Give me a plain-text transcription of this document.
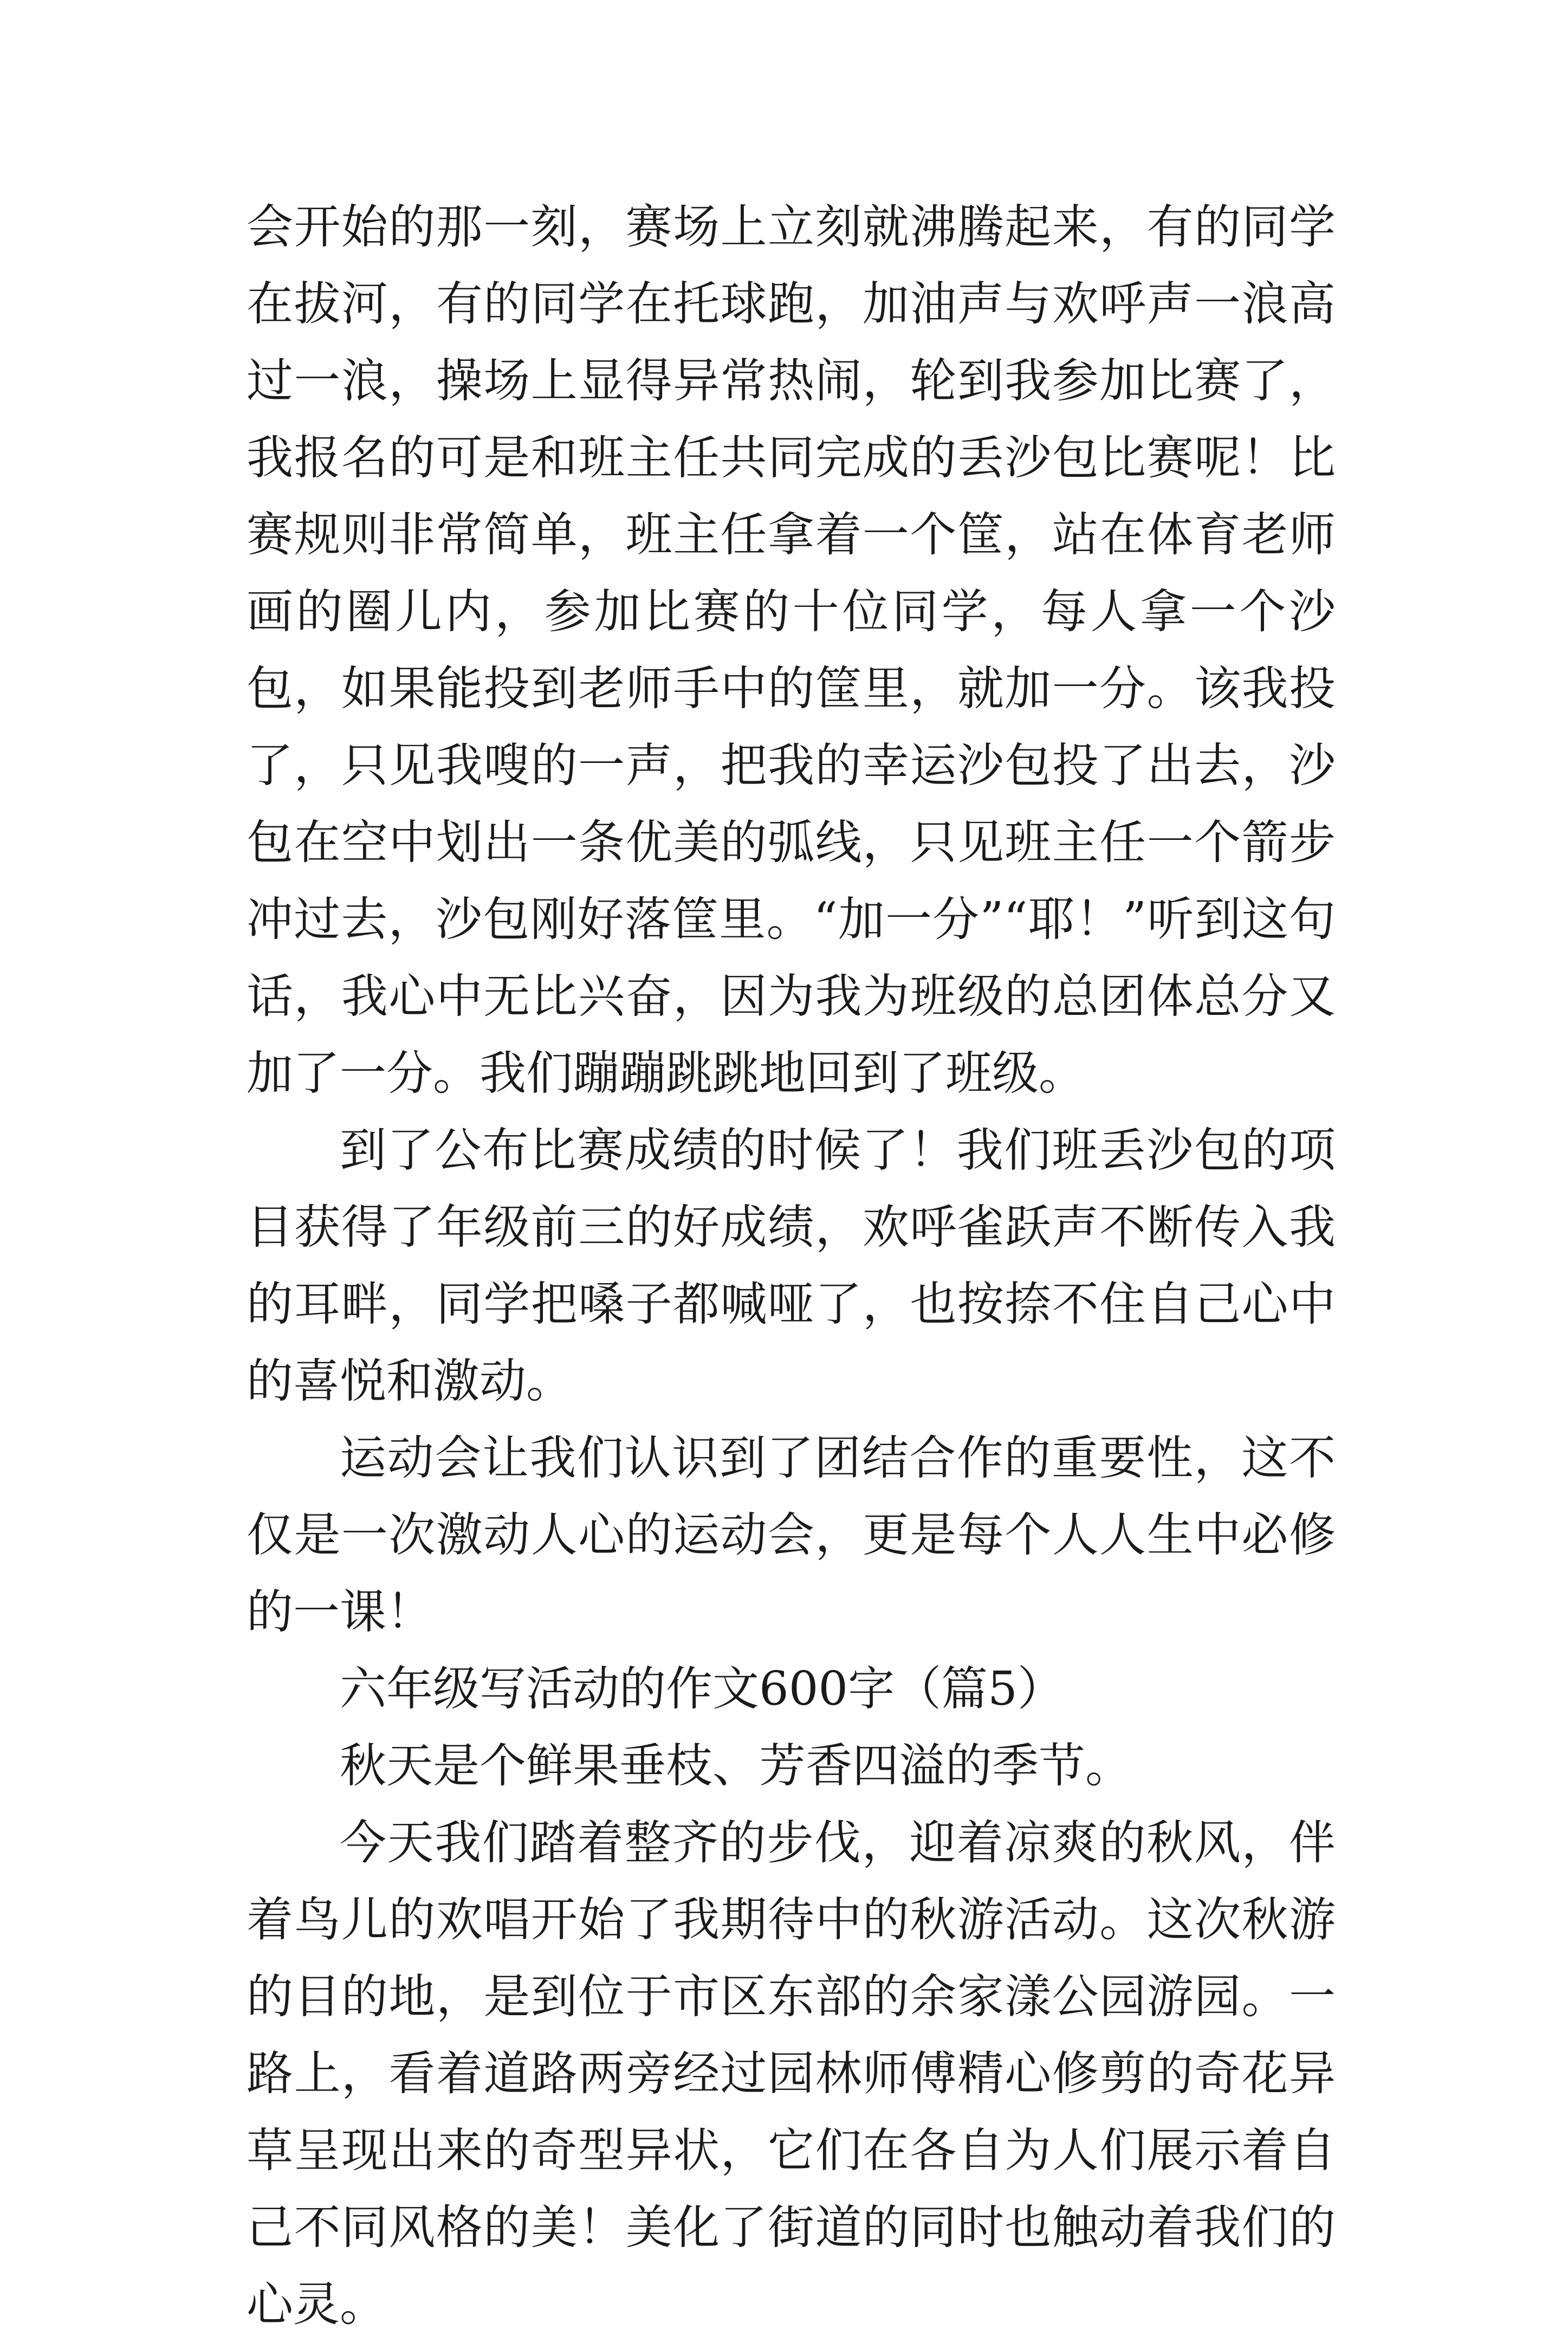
会开始的那一刻，赛场上立刻就沸腾起来，有的同学在拔河，有的同学在托球跑，加油声与欢呼声一浪高过一浪，操场上显得异常热闹，轮到我参加比赛了，我报名的可是和班主任共同完成的丢沙包比赛呢！比赛规则非常简单，班主任拿着一个筐，站在体育老师画的圈儿内，参加比赛的十位同学，每人拿一个沙包，如果能投到老师手中的筐里，就加一分。该我投了，只见我嗖的一声，把我的幸运沙包投了出去，沙包在空中划出一条优美的弧线，只见班主任一个箭步冲过去，沙包刚好落筐里。“加一分”“耶！”听到这句话，我心中无比兴奋，因为我为班级的总团体总分又加了一分。我们蹦蹦跳跳地回到了班级。

到了公布比赛成绩的时候了！我们班丢沙包的项目获得了年级前三的好成绩，欢呼雀跃声不断传入我的耳畔，同学把嗓子都喊哑了，也按捺不住自己心中的喜悦和激动。

运动会让我们认识到了团结合作的重要性，这不仅是一次激动人心的运动会，更是每个人人生中必修的一课！

六年级写活动的作文600字（篇5）

秋天是个鲜果垂枝、芳香四溢的季节。

今天我们踏着整齐的步伐，迎着凉爽的秋风，伴着鸟儿的欢唱开始了我期待中的秋游活动。这次秋游的目的地，是到位于市区东部的余家漾公园游园。一路上，看着道路两旁经过园林师傅精心修剪的奇花异草呈现出来的奇型异状，它们在各自为人们展示着自己不同风格的美！美化了街道的同时也触动着我们的心灵。
